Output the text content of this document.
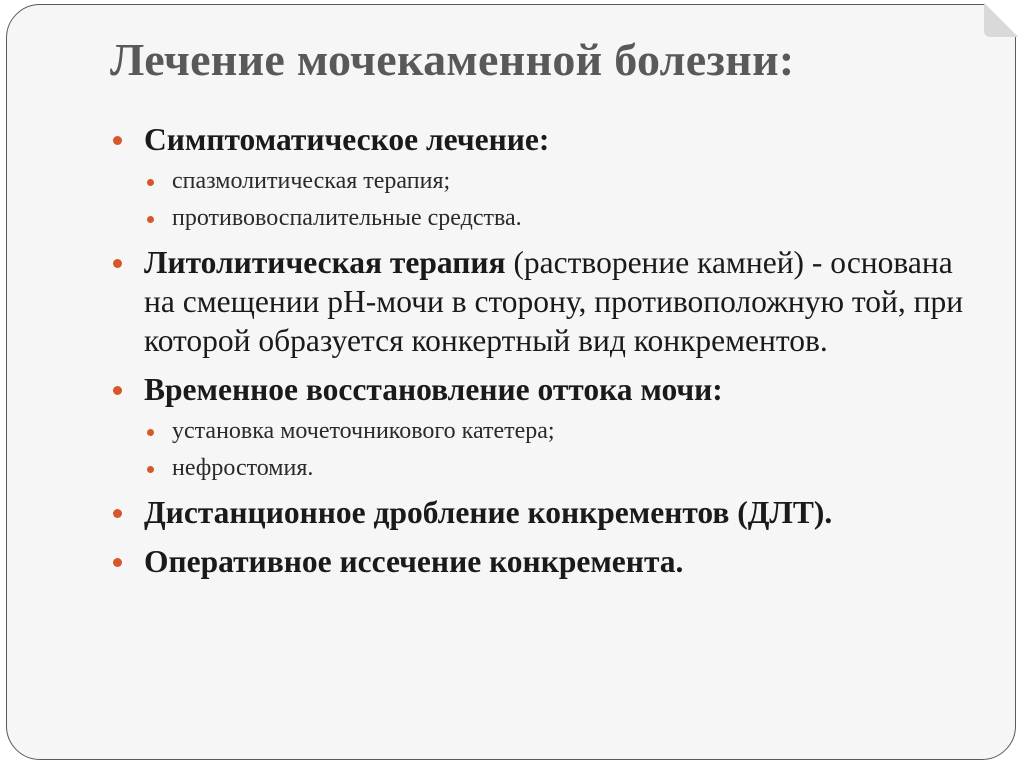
Лечение мочекаменной болезни:
Симптоматическое лечение:
спазмолитическая терапия;
противовоспалительные средства.
Литолитическая терапия (растворение камней) - основана на смещении рН-мочи в сторону, противоположную той, при которой образуется конкертный вид конкрементов.
Временное восстановление оттока мочи:
установка мочеточникового катетера;
нефростомия.
Дистанционное дробление конкрементов (ДЛТ).
Оперативное иссечение конкремента.
